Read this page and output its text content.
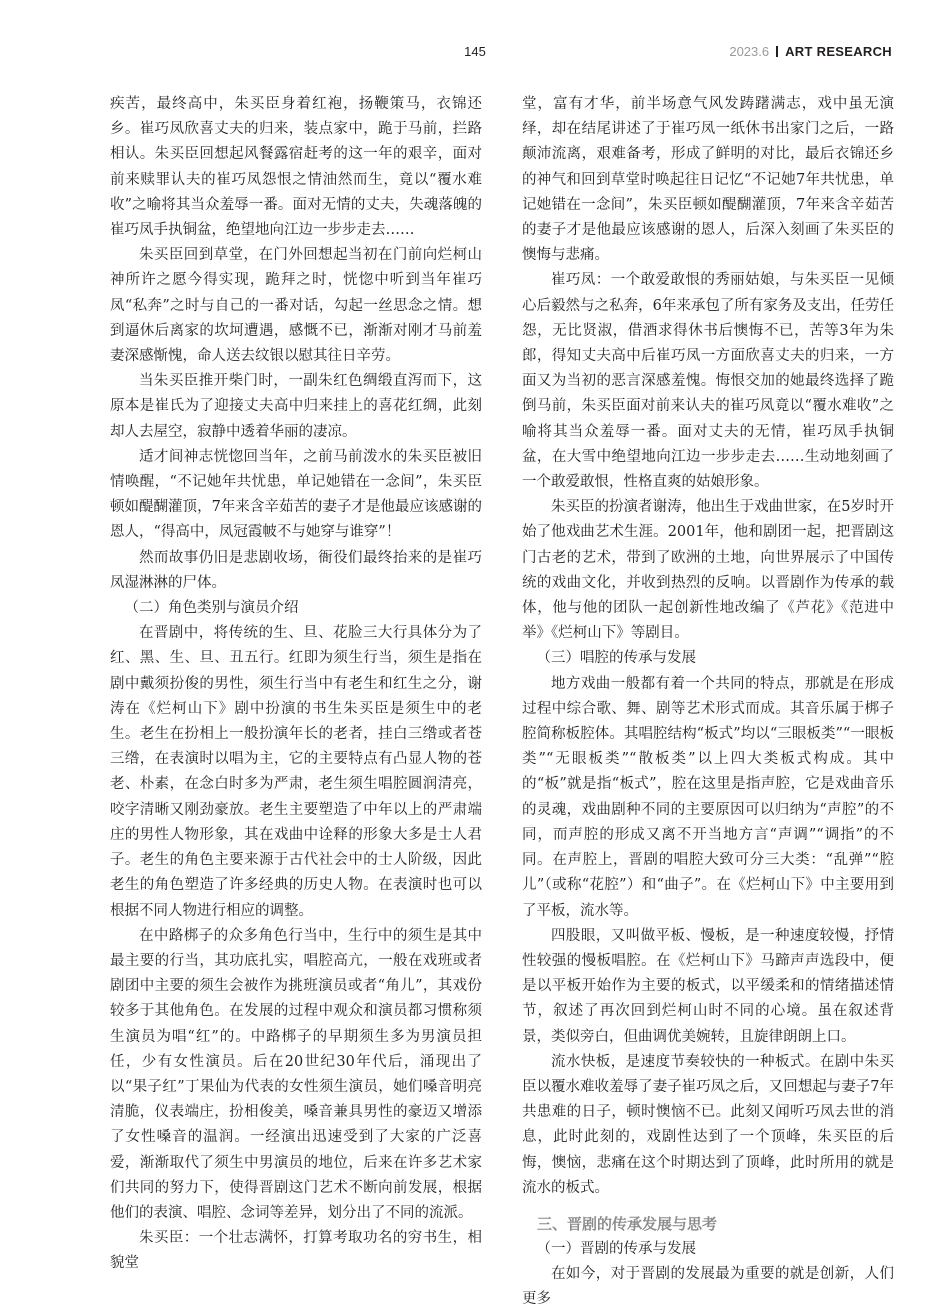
145	2023.6 ART RESEARCH

疾苦，最终高中，朱买臣身着红袍，扬鞭策马，衣锦还乡。崔巧凤欣喜丈夫的归来，装点家中，跪于马前，拦路相认。朱买臣回想起风餐露宿赶考的这一年的艰辛，面对前来赎罪认夫的崔巧凤怨恨之情油然而生，竟以“覆水难收”之喻将其当众羞辱一番。面对无情的丈夫，失魂落魄的崔巧凤手执铜盆，绝望地向江边一步步走去……

朱买臣回到草堂，在门外回想起当初在门前向烂柯山神所许之愿今得实现，跪拜之时，恍惚中听到当年崔巧凤“私奔”之时与自己的一番对话，勾起一丝思念之情。想到逼休后离家的坎坷遭遇，感慨不已，渐渐对刚才马前羞妻深感惭愧，命人送去纹银以慰其往日辛劳。

当朱买臣推开柴门时，一副朱红色绸缎直泻而下，这原本是崔氏为了迎接丈夫高中归来挂上的喜花红绸，此刻却人去屋空，寂静中透着华丽的凄凉。

适才间神志恍惚回当年，之前马前泼水的朱买臣被旧情唤醒，“不记她年共忧患，单记她错在一念间”，朱买臣顿如醍醐灌顶，7年来含辛茹苦的妻子才是他最应该感谢的恩人，“得高中，凤冠霞帔不与她穿与谁穿”！

然而故事仍旧是悲剧收场，衙役们最终抬来的是崔巧凤湿淋淋的尸体。

（二）角色类别与演员介绍

在晋剧中，将传统的生、旦、花脸三大行具体分为了红、黑、生、旦、丑五行。红即为须生行当，须生是指在剧中戴须扮俊的男性，须生行当中有老生和红生之分，谢涛在《烂柯山下》剧中扮演的书生朱买臣是须生中的老生。老生在扮相上一般扮演年长的老者，挂白三绺或者苍三绺，在表演时以唱为主，它的主要特点有凸显人物的苍老、朴素，在念白时多为严肃，老生须生唱腔圆润清亮，咬字清晰又刚劲豪放。老生主要塑造了中年以上的严肃端庄的男性人物形象，其在戏曲中诠释的形象大多是士人君子。老生的角色主要来源于古代社会中的士人阶级，因此老生的角色塑造了许多经典的历史人物。在表演时也可以根据不同人物进行相应的调整。

在中路梆子的众多角色行当中，生行中的须生是其中最主要的行当，其功底扎实，唱腔高亢，一般在戏班或者剧团中主要的须生会被作为挑班演员或者“角儿”，其戏份较多于其他角色。在发展的过程中观众和演员都习惯称须生演员为唱“红”的。中路梆子的早期须生多为男演员担任，少有女性演员。后在20世纪30年代后，涌现出了以“果子红”丁果仙为代表的女性须生演员，她们嗓音明亮清脆，仪表端庄，扮相俊美，嗓音兼具男性的豪迈又增添了女性嗓音的温润。一经演出迅速受到了大家的广泛喜爱，渐渐取代了须生中男演员的地位，后来在许多艺术家们共同的努力下，使得晋剧这门艺术不断向前发展，根据他们的表演、唱腔、念词等差异，划分出了不同的流派。

朱买臣：一个壮志满怀，打算考取功名的穷书生，相貌堂

堂，富有才华，前半场意气风发踌躇满志，戏中虽无演绎，却在结尾讲述了于崔巧凤一纸休书出家门之后，一路颠沛流离，艰难备考，形成了鲜明的对比，最后衣锦还乡的神气和回到草堂时唤起往日记忆“不记她7年共忧患，单记她错在一念间”，朱买臣顿如醍醐灌顶，7年来含辛茹苦的妻子才是他最应该感谢的恩人，后深入刻画了朱买臣的懊悔与悲痛。

崔巧凤：一个敢爱敢恨的秀丽姑娘，与朱买臣一见倾心后毅然与之私奔，6年来承包了所有家务及支出，任劳任怨，无比贤淑，借酒求得休书后懊悔不已，苦等3年为朱郎，得知丈夫高中后崔巧凤一方面欣喜丈夫的归来，一方面又为当初的恶言深感羞愧。悔恨交加的她最终选择了跪倒马前，朱买臣面对前来认夫的崔巧凤竟以“覆水难收”之喻将其当众羞辱一番。面对丈夫的无情，崔巧凤手执铜盆，在大雪中绝望地向江边一步步走去……生动地刻画了一个敢爱敢恨，性格直爽的姑娘形象。

朱买臣的扮演者谢涛，他出生于戏曲世家，在5岁时开始了他戏曲艺术生涯。2001年，他和剧团一起，把晋剧这门古老的艺术，带到了欧洲的土地，向世界展示了中国传统的戏曲文化，并收到热烈的反响。以晋剧作为传承的载体，他与他的团队一起创新性地改编了《芦花》《范进中举》《烂柯山下》等剧目。

（三）唱腔的传承与发展

地方戏曲一般都有着一个共同的特点，那就是在形成过程中综合歌、舞、剧等艺术形式而成。其音乐属于梆子腔简称板腔体。其唱腔结构“板式”均以“三眼板类”“一眼板类”“无眼板类”“散板类”以上四大类板式构成。其中的“板”就是指“板式”，腔在这里是指声腔，它是戏曲音乐的灵魂，戏曲剧种不同的主要原因可以归纳为“声腔”的不同，而声腔的形成又离不开当地方言“声调”“调指”的不同。在声腔上，晋剧的唱腔大致可分三大类：“乱弹”“腔儿”（或称“花腔”）和“曲子”。在《烂柯山下》中主要用到了平板，流水等。

四股眼，又叫做平板、慢板，是一种速度较慢，抒情性较强的慢板唱腔。在《烂柯山下》马蹄声声选段中，便是以平板开始作为主要的板式，以平缓柔和的情绪描述情节，叙述了再次回到烂柯山时不同的心境。虽在叙述背景，类似旁白，但曲调优美婉转，且旋律朗朗上口。

流水快板，是速度节奏较快的一种板式。在剧中朱买臣以覆水难收羞辱了妻子崔巧凤之后，又回想起与妻子7年共患难的日子，顿时懊恼不已。此刻又闻听巧凤去世的消息，此时此刻的，戏剧性达到了一个顶峰，朱买臣的后悔，懊恼，悲痛在这个时期达到了顶峰，此时所用的就是流水的板式。

三、晋剧的传承发展与思考

（一）晋剧的传承与发展

在如今，对于晋剧的发展最为重要的就是创新，人们更多
